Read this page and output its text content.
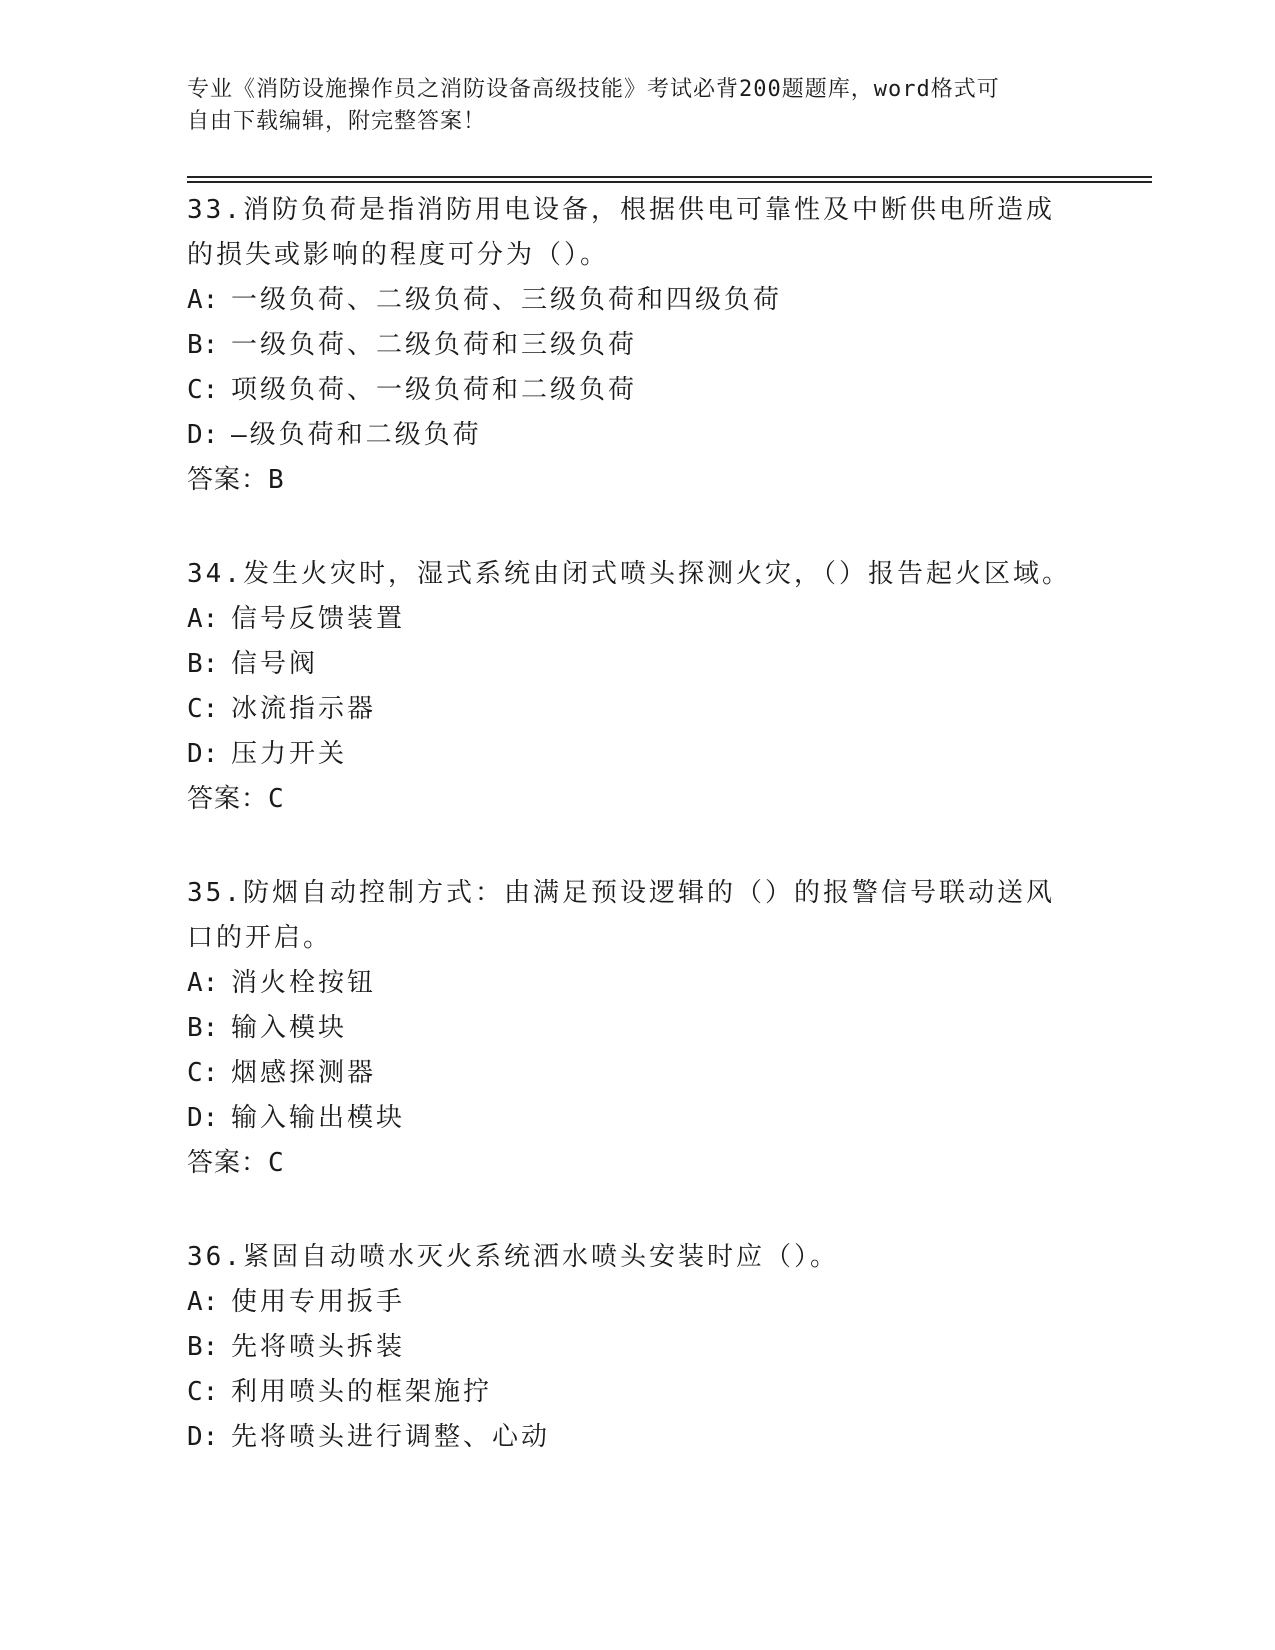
专业《消防设施操作员之消防设备高级技能》考试必背200题题库，word格式可
自由下载编辑，附完整答案！
33.消防负荷是指消防用电设备，根据供电可靠性及中断供电所造成的损失或影响的程度可分为（）。
A: 一级负荷、二级负荷、三级负荷和四级负荷
B: 一级负荷、二级负荷和三级负荷
C: 项级负荷、一级负荷和二级负荷
D: —级负荷和二级负荷
答案：B
34.发生火灾时，湿式系统由闭式喷头探测火灾，（）报告起火区域。
A: 信号反馈装置
B: 信号阀
C: 冰流指示器
D: 压力开关
答案：C
35.防烟自动控制方式：由满足预设逻辑的（）的报警信号联动送风口的开启。
A: 消火栓按钮
B: 输入模块
C: 烟感探测器
D: 输入输出模块
答案：C
36.紧固自动喷水灭火系统洒水喷头安装时应（）。
A: 使用专用扳手
B: 先将喷头拆装
C: 利用喷头的框架施拧
D: 先将喷头进行调整、心动
